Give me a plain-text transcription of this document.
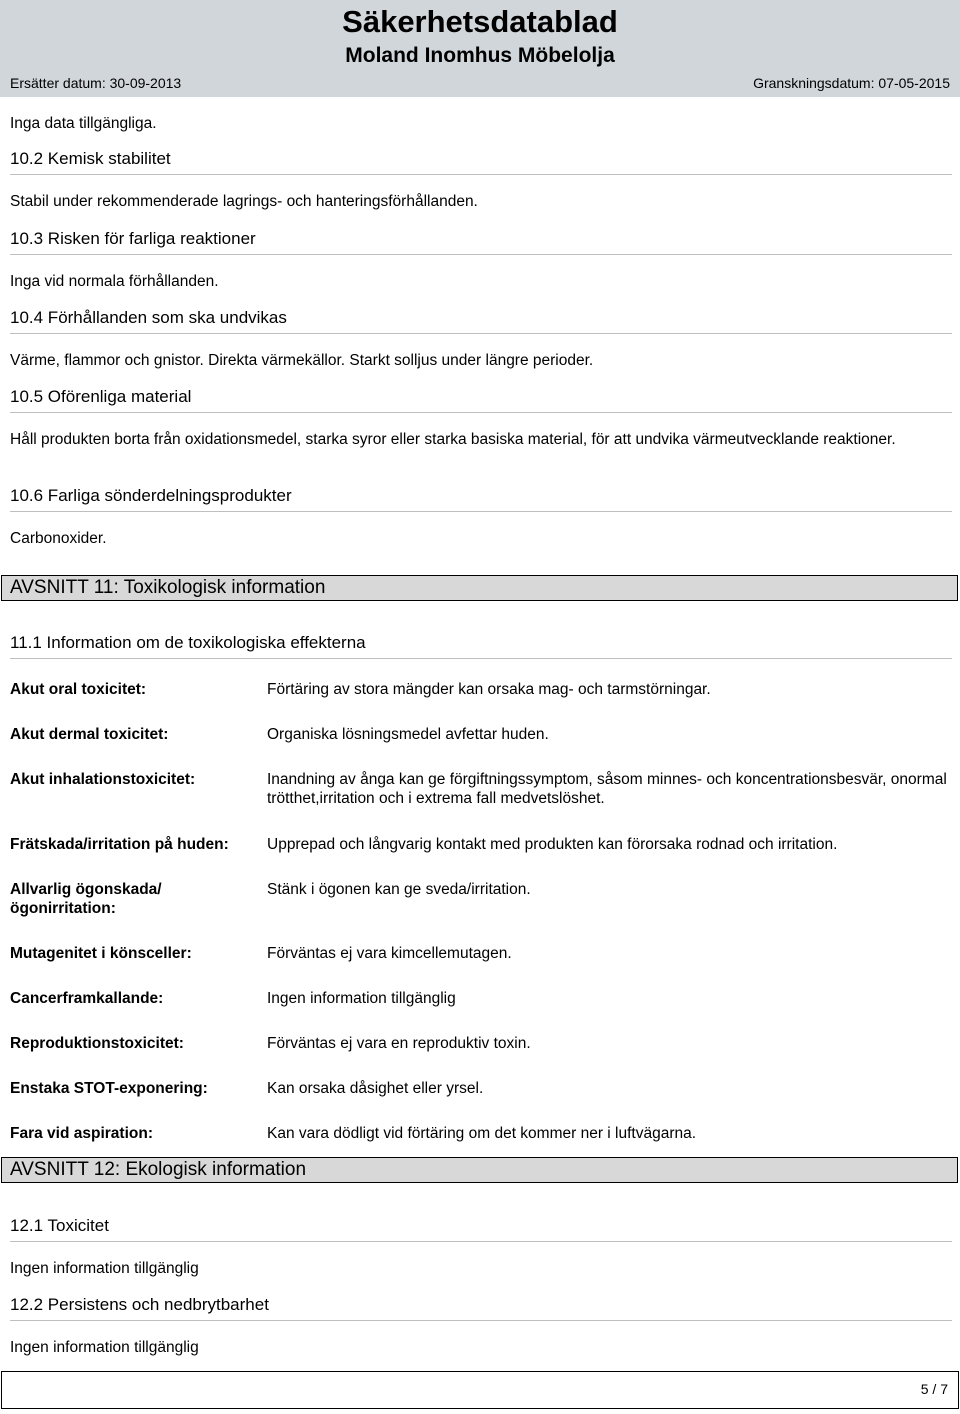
Säkerhetsdatablad
Moland Inomhus Möbelolja
Ersätter datum: 30-09-2013	Granskningsdatum: 07-05-2015
Inga data tillgängliga.
10.2 Kemisk stabilitet
Stabil under rekommenderade lagrings- och hanteringsförhållanden.
10.3 Risken för farliga reaktioner
Inga vid normala förhållanden.
10.4 Förhållanden som ska undvikas
Värme, flammor och gnistor. Direkta värmekällor. Starkt solljus under längre perioder.
10.5 Oförenliga material
Håll produkten borta från oxidationsmedel, starka syror eller starka basiska material, för att undvika värmeutvecklande reaktioner.
10.6 Farliga sönderdelningsprodukter
Carbonoxider.
AVSNITT 11: Toxikologisk information
11.1 Information om de toxikologiska effekterna
Akut oral toxicitet:	Förtäring av stora mängder kan orsaka mag- och tarmstörningar.
Akut dermal toxicitet:	Organiska lösningsmedel avfettar huden.
Akut inhalationstoxicitet:	Inandning av ånga kan ge förgiftningssymptom, såsom minnes- och koncentrationsbesvär, onormal trötthet,irritation och i extrema fall medvetslöshet.
Frätskada/irritation på huden:	Upprepad och långvarig kontakt med produkten kan förorsaka rodnad och irritation.
Allvarlig ögonskada/ögonirritation:
Stänk i ögonen kan ge sveda/irritation.
Mutagenitet i könsceller:	Förväntas ej vara kimcellemutagen.
Cancerframkallande:	Ingen information tillgänglig
Reproduktionstoxicitet:	Förväntas ej vara en reproduktiv toxin.
Enstaka STOT-exponering:	Kan orsaka dåsighet eller yrsel.
Fara vid aspiration:	Kan vara dödligt vid förtäring om det kommer ner i luftvägarna.
AVSNITT 12: Ekologisk information
12.1 Toxicitet
Ingen information tillgänglig
12.2 Persistens och nedbrytbarhet
Ingen information tillgänglig
5 / 7
